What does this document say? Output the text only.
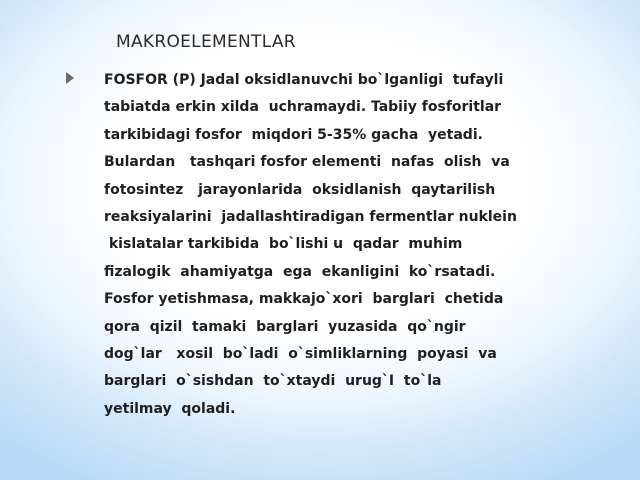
MAKROELEMENTLAR
FOSFOR (P) Jadal oksidlanuvchi bo`lganligi  tufayli
tabiatda erkin xilda  uchramaydi. Tabiiy fosforitlar
tarkibidagi fosfor  miqdori 5-35% gacha  yetadi.
Bulardan   tashqari fosfor elementi  nafas  olish  va
fotosintez   jarayonlarida  oksidlanish  qaytarilish
reaksiyalarini  jadallashtiradigan fermentlar nuklein
kislatalar tarkibida  bo`lishi u  qadar  muhim
fizalogik  ahamiyatga  ega  ekanligini  ko`rsatadi.
Fosfor yetishmasa, makkajo`xori  barglari  chetida
qora  qizil  tamaki  barglari  yuzasida  qo`ngir
dog`lar   xosil  bo`ladi  o`simliklarning  poyasi  va
barglari  o`sishdan  to`xtaydi  urug`I  to`la
yetilmay  qoladi.
